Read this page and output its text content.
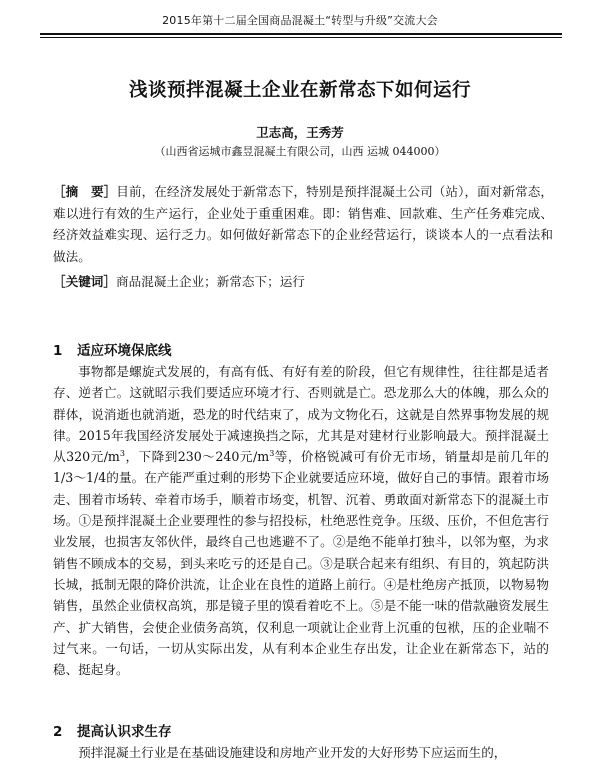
2015年第十二届全国商品混凝土“转型与升级”交流大会
浅谈预拌混凝土企业在新常态下如何运行
卫志高，王秀芳
（山西省运城市鑫昱混凝土有限公司，山西 运城 044000）
［摘　要］目前，在经济发展处于新常态下，特别是预拌混凝土公司（站），面对新常态，难以进行有效的生产运行，企业处于重重困难。即：销售难、回款难、生产任务难完成、经济效益难实现、运行乏力。如何做好新常态下的企业经营运行，谈谈本人的一点看法和做法。
［关键词］商品混凝土企业；新常态下；运行
1 适应环境保底线
事物都是螺旋式发展的，有高有低、有好有差的阶段，但它有规律性，往往都是适者存、逆者亡。这就昭示我们要适应环境才行、否则就是亡。恐龙那么大的体魄，那么众的群体，说消逝也就消逝，恐龙的时代结束了，成为文物化石，这就是自然界事物发展的规律。2015年我国经济发展处于减速换挡之际，尤其是对建材行业影响最大。预拌混凝土从320元$/m^3$，下降到230～240元$/m^3$等，价格锐减可有价无市场，销量却是前几年的1/3～1/4的量。在产能严重过剩的形势下企业就要适应环境，做好自己的事情。跟着市场走、围着市场转、牵着市场手，顺着市场变，机智、沉着、勇敢面对新常态下的混凝土市场。①是预拌混凝土企业要理性的参与招投标，杜绝恶性竞争。压级、压价，不但危害行业发展，也损害友邻伙伴，最终自己也逃避不了。②是绝不能单打独斗，以邻为壑，为求销售不顾成本的交易，到头来吃亏的还是自己。③是联合起来有组织、有目的，筑起防洪长城，抵制无限的降价洪流，让企业在良性的道路上前行。④是杜绝房产抵顶，以物易物销售，虽然企业债权高筑，那是镜子里的馍看着吃不上。⑤是不能一味的借款融资发展生产、扩大销售，会使企业债务高筑，仅利息一项就让企业背上沉重的包袱，压的企业喘不过气来。一句话，一切从实际出发，从有利本企业生存出发，让企业在新常态下，站的稳、挺起身。
2 提高认识求生存
预拌混凝土行业是在基础设施建设和房地产业开发的大好形势下应运而生的，
